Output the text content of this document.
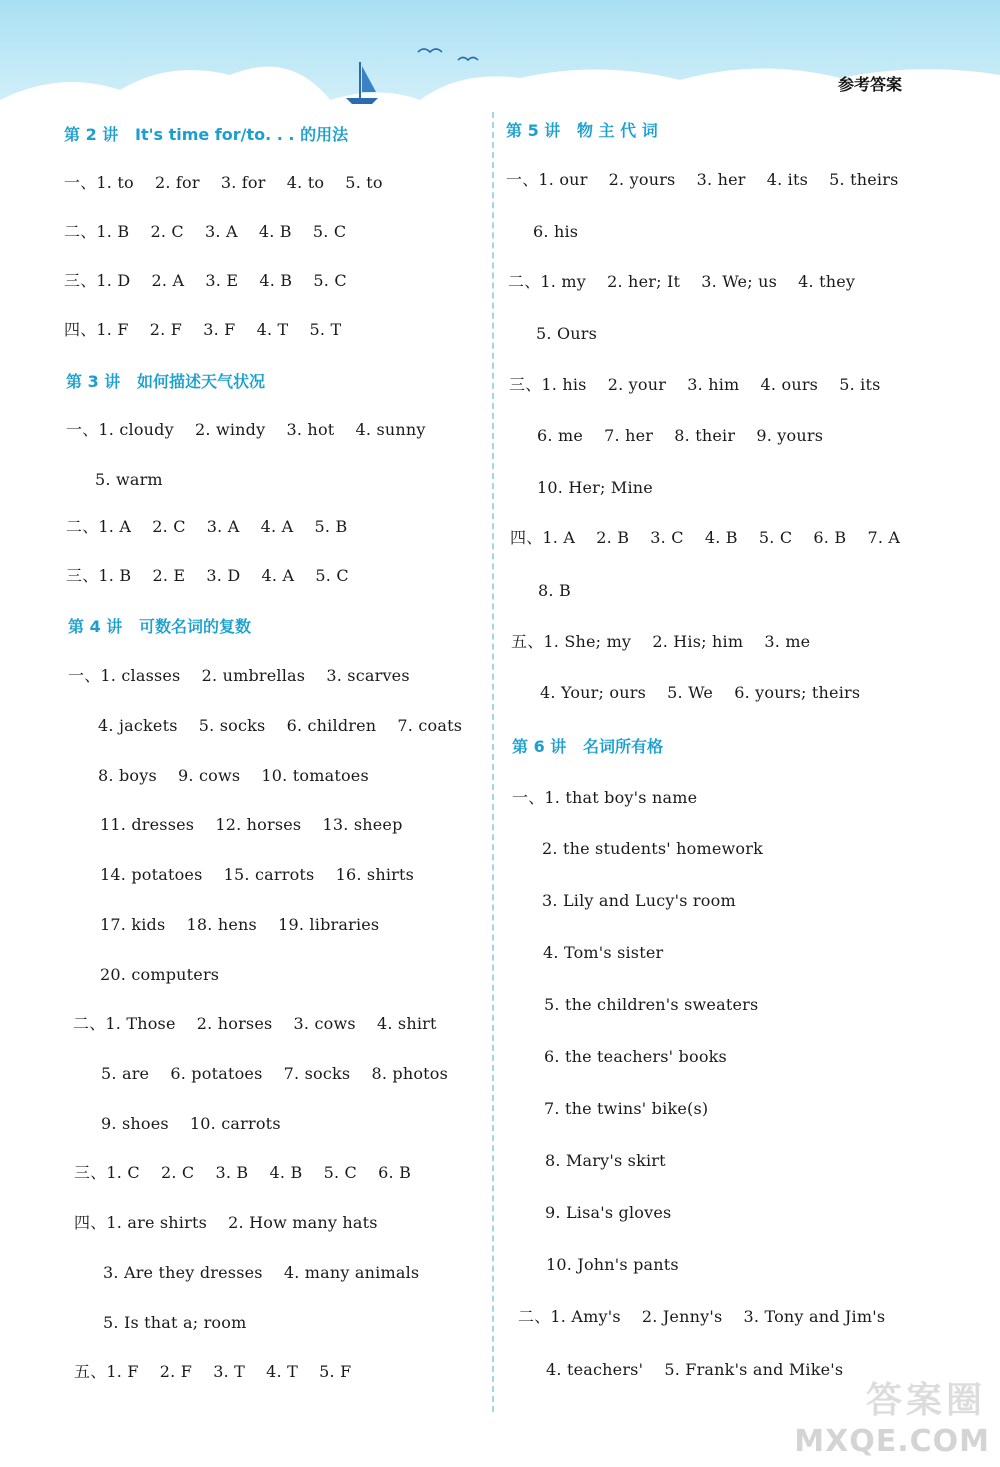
参考答案
第 2 讲   It's time for/to. . . 的用法
一、1. to    2. for    3. for    4. to    5. to
二、1. B    2. C    3. A    4. B    5. C
三、1. D    2. A    3. E    4. B    5. C
四、1. F    2. F    3. F    4. T    5. T
第 3 讲   如何描述天气状况
一、1. cloudy    2. windy    3. hot    4. sunny
5. warm
二、1. A    2. C    3. A    4. A    5. B
三、1. B    2. E    3. D    4. A    5. C
第 4 讲   可数名词的复数
一、1. classes    2. umbrellas    3. scarves
4. jackets    5. socks    6. children    7. coats
8. boys    9. cows    10. tomatoes
11. dresses    12. horses    13. sheep
14. potatoes    15. carrots    16. shirts
17. kids    18. hens    19. libraries
20. computers
二、1. Those    2. horses    3. cows    4. shirt
5. are    6. potatoes    7. socks    8. photos
9. shoes    10. carrots
三、1. C    2. C    3. B    4. B    5. C    6. B
四、1. are shirts    2. How many hats
3. Are they dresses    4. many animals
5. Is that a; room
五、1. F    2. F    3. T    4. T    5. F
第 5 讲   物 主 代 词
一、1. our    2. yours    3. her    4. its    5. theirs
6. his
二、1. my    2. her; It    3. We; us    4. they
5. Ours
三、1. his    2. your    3. him    4. ours    5. its
6. me    7. her    8. their    9. yours
10. Her; Mine
四、1. A    2. B    3. C    4. B    5. C    6. B    7. A
8. B
五、1. She; my    2. His; him    3. me
4. Your; ours    5. We    6. yours; theirs
第 6 讲   名词所有格
一、1. that boy's name
2. the students' homework
3. Lily and Lucy's room
4. Tom's sister
5. the children's sweaters
6. the teachers' books
7. the twins' bike(s)
8. Mary's skirt
9. Lisa's gloves
10. John's pants
二、1. Amy's    2. Jenny's    3. Tony and Jim's
4. teachers'    5. Frank's and Mike's
答案圈
MXQE.COM
